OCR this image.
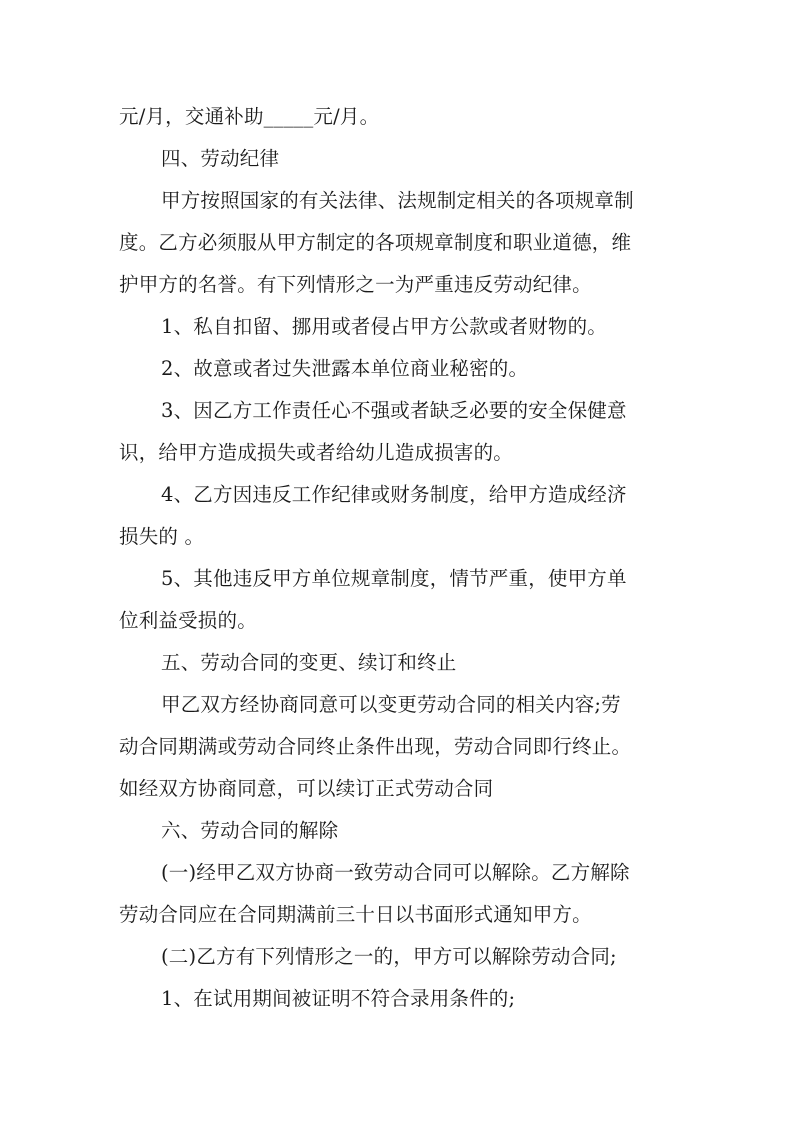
元/月，交通补助_____元/月。
四、劳动纪律
甲方按照国家的有关法律、法规制定相关的各项规章制
度。乙方必须服从甲方制定的各项规章制度和职业道德，维
护甲方的名誉。有下列情形之一为严重违反劳动纪律。
1、私自扣留、挪用或者侵占甲方公款或者财物的。
2、故意或者过失泄露本单位商业秘密的。
3、因乙方工作责任心不强或者缺乏必要的安全保健意
识，给甲方造成损失或者给幼儿造成损害的。
4、乙方因违反工作纪律或财务制度，给甲方造成经济
损失的 。
5、其他违反甲方单位规章制度，情节严重，使甲方单
位利益受损的。
五、劳动合同的变更、续订和终止
甲乙双方经协商同意可以变更劳动合同的相关内容;劳
动合同期满或劳动合同终止条件出现，劳动合同即行终止。
如经双方协商同意，可以续订正式劳动合同
六、劳动合同的解除
(一)经甲乙双方协商一致劳动合同可以解除。乙方解除
劳动合同应在合同期满前三十日以书面形式通知甲方。
(二)乙方有下列情形之一的，甲方可以解除劳动合同;
1、在试用期间被证明不符合录用条件的;
